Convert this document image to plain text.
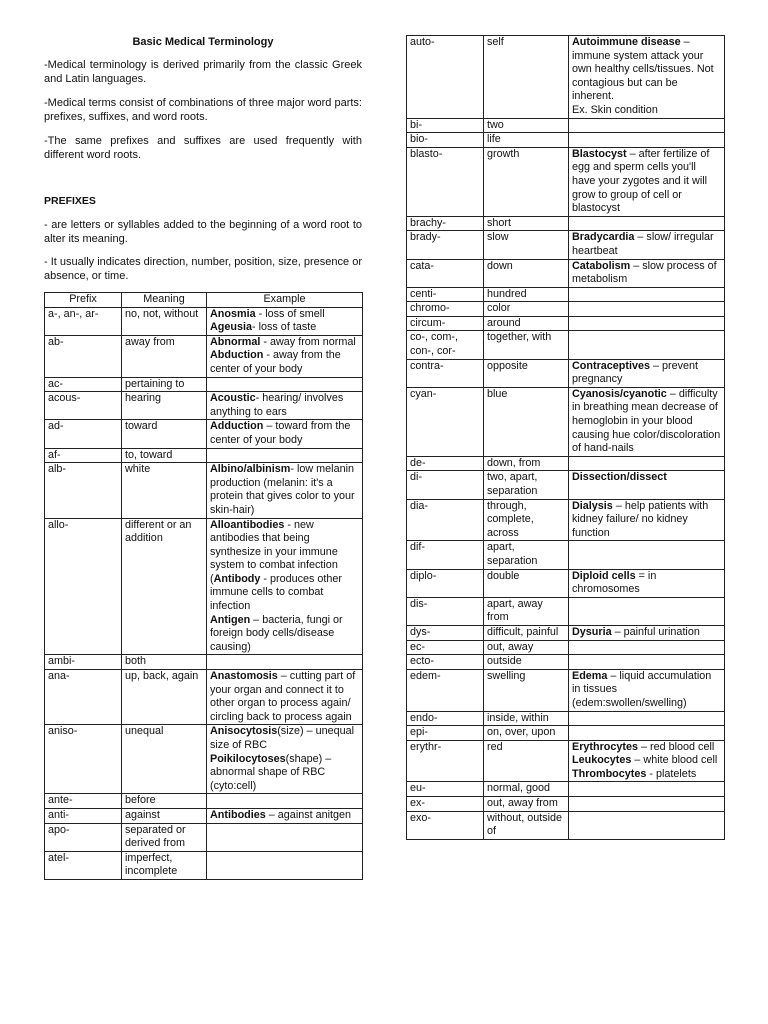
Basic Medical Terminology

-Medical terminology is derived primarily from the classic Greek and Latin languages.

-Medical terms consist of combinations of three major word parts: prefixes, suffixes, and word roots.

-The same prefixes and suffixes are used frequently with different word roots.

PREFIXES

- are letters or syllables added to the beginning of a word root to alter its meaning.

- It usually indicates direction, number, position, size, presence or absence, or time.

Prefix	Meaning	Example
a-, an-, ar-	no, not, without	Anosmia - loss of smell
Ageusia- loss of taste
ab-	away from	Abnormal - away from normal
Abduction - away from the center of your body
ac-	pertaining to	
acous-	hearing	Acoustic- hearing/ involves anything to ears
ad-	toward	Adduction – toward from the center of your body
af-	to, toward	
alb-	white	Albino/albinism- low melanin production (melanin: it's a protein that gives color to your skin-hair)
allo-	different or an addition	Alloantibodies - new antibodies that being synthesize in your immune system to combat infection (Antibody - produces other immune cells to combat infection
Antigen – bacteria, fungi or foreign body cells/disease causing)
ambi-	both	
ana-	up, back, again	Anastomosis – cutting part of your organ and connect it to other organ to process again/ circling back to process again
aniso-	unequal	Anisocytosis(size) – unequal size of RBC
Poikilocytoses(shape) – abnormal shape of RBC (cyto:cell)
ante-	before	
anti-	against	Antibodies – against anitgen
apo-	separated or derived from	
atel-	imperfect, incomplete	
auto-	self	Autoimmune disease – immune system attack your own healthy cells/tissues. Not contagious but can be inherent.
Ex. Skin condition
bi-	two	
bio-	life	
blasto-	growth	Blastocyst – after fertilize of egg and sperm cells you'll have your zygotes and it will grow to group of cell or blastocyst
brachy-	short	
brady-	slow	Bradycardia – slow/ irregular heartbeat
cata-	down	Catabolism – slow process of metabolism
centi-	hundred	
chromo-	color	
circum-	around	
co-, com-, con-, cor-	together, with	
contra-	opposite	Contraceptives – prevent pregnancy
cyan-	blue	Cyanosis/cyanotic – difficulty in breathing mean decrease of hemoglobin in your blood causing hue color/discoloration of hand-nails
de-	down, from	
di-	two, apart, separation	Dissection/dissect
dia-	through, complete, across	Dialysis – help patients with kidney failure/ no kidney function
dif-	apart, separation	
diplo-	double	Diploid cells = in chromosomes
dis-	apart, away from	
dys-	difficult, painful	Dysuria – painful urination
ec-	out, away	
ecto-	outside	
edem-	swelling	Edema – liquid accumulation in tissues (edem:swollen/swelling)
endo-	inside, within	
epi-	on, over, upon	
erythr-	red	Erythrocytes – red blood cell
Leukocytes – white blood cell
Thrombocytes - platelets
eu-	normal, good	
ex-	out, away from	
exo-	without, outside of	
